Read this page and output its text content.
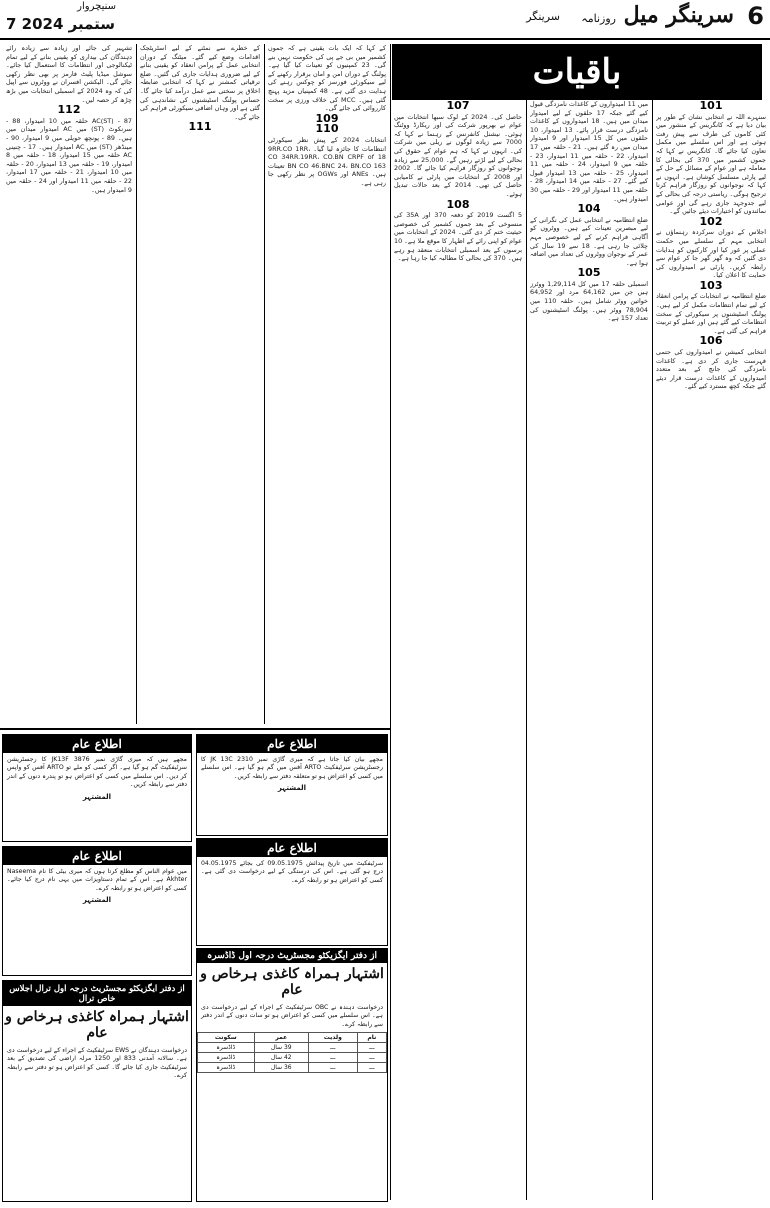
6
سرینگر میل روزنامہ
سرینگر
سنیچروار
7 ستمبر 2024
باقیات
101
سنہرے اللہ نے انتخابی نشان کے طور پر بیان دیا ہے کہ کانگریس کے منشور میں کئی کاموں کی طرف سے پیش رفت ہوئی ہے اور اس سلسلے میں مکمل تعاون کیا جائے گا۔ کانگریس نے کہا کہ جموں کشمیر میں 370 کی بحالی کا معاملہ ہے اور عوام کے مسائل کے حل کے لیے پارٹی مسلسل کوشاں ہے۔ انہوں نے کہا کہ نوجوانوں کو روزگار فراہم کرنا ترجیح ہوگی۔ ریاستی درجہ کی بحالی کے لیے جدوجہد جاری رہے گی اور عوامی نمائندوں کو اختیارات دیئے جائیں گے۔
102
اجلاس کے دوران سرکردہ رہنماؤں نے انتخابی مہم کے سلسلے میں حکمت عملی پر غور کیا اور کارکنوں کو ہدایات دی گئیں کہ وہ گھر گھر جا کر عوام سے رابطہ کریں۔ پارٹی نے امیدواروں کی حمایت کا اعلان کیا۔
103
ضلع انتظامیہ نے انتخابات کے پرامن انعقاد کے لیے تمام انتظامات مکمل کر لیے ہیں۔ پولنگ اسٹیشنوں پر سیکورٹی کے سخت انتظامات کیے گئے ہیں اور عملے کو تربیت فراہم کی گئی ہے۔
106
انتخابی کمیشن نے امیدواروں کی حتمی فہرست جاری کر دی ہے۔ کاغذات نامزدگی کی جانچ کے بعد متعدد امیدواروں کے کاغذات درست قرار دیئے گئے جبکہ کچھ مسترد کیے گئے۔
میں 11 امیدواروں کے کاغذات نامزدگی قبول کیے گئے جبکہ 17 حلقوں کے لیے امیدوار میدان میں ہیں۔ 18 امیدواروں کے کاغذات نامزدگی درست قرار پائے۔ 13 امیدوار، 10 حلقوں میں کل 15 امیدوار اور 9 امیدوار میدان میں رہ گئے ہیں۔ 21 - حلقہ میں 17 امیدوار، 22 - حلقہ میں 11 امیدوار، 23 - حلقہ میں 9 امیدوار، 24 - حلقہ میں 11 امیدوار، 25 - حلقہ میں 13 امیدوار قبول کیے گئے۔ 27 - حلقہ میں 14 امیدوار، 28 - حلقہ میں 11 امیدوار اور 29 - حلقہ میں 30 امیدوار ہیں۔
104
ضلع انتظامیہ نے انتخابی عمل کی نگرانی کے لیے مبصرین تعینات کیے ہیں۔ ووٹروں کو آگاہی فراہم کرنے کے لیے خصوصی مہم چلائی جا رہی ہے۔ 18 سے 19 سال کی عمر کے نوجوان ووٹروں کی تعداد میں اضافہ ہوا ہے۔
105
اسمبلی حلقہ 17 میں کل 1,29,114 ووٹرز ہیں جن میں 64,162 مرد اور 64,952 خواتین ووٹر شامل ہیں۔ حلقہ 110 میں 78,904 ووٹر ہیں۔ پولنگ اسٹیشنوں کی تعداد 157 ہے۔
107
حاصل کی۔ 2024 کے لوک سبھا انتخابات میں عوام نے بھرپور شرکت کی اور ریکارڈ ووٹنگ ہوئی۔ نیشنل کانفرنس کے رہنما نے کہا کہ 7000 سے زیادہ لوگوں نے ریلی میں شرکت کی۔ انہوں نے کہا کہ ہم عوام کے حقوق کی بحالی کے لیے لڑتے رہیں گے۔ 25,000 سے زیادہ نوجوانوں کو روزگار فراہم کیا جائے گا۔ 2002 اور 2008 کے انتخابات میں پارٹی نے کامیابی حاصل کی تھی۔ 2014 کے بعد حالات تبدیل ہوئے۔
108
5 اگست 2019 کو دفعہ 370 اور 35A کی منسوخی کے بعد جموں کشمیر کی خصوصی حیثیت ختم کر دی گئی۔ 2024 کے انتخابات میں عوام کو اپنی رائے کے اظہار کا موقع ملا ہے۔ 10 برسوں کے بعد اسمبلی انتخابات منعقد ہو رہے ہیں۔ 370 کی بحالی کا مطالبہ کیا جا رہا ہے۔
کے کہا کہ ایک بات یقینی ہے کہ جموں کشمیر میں بی جے پی کی حکومت نہیں بنے گی۔ 23 کمپنیوں کو تعینات کیا گیا ہے۔ پولنگ کے دوران امن و امان برقرار رکھنے کے لیے سیکورٹی فورسز کو چوکس رہنے کی ہدایت دی گئی ہے۔ 48 کمپنیاں مزید پہنچ گئی ہیں۔ MCC کی خلاف ورزی پر سخت کارروائی کی جائے گی۔
109
110
انتخابات 2024 کے پیش نظر سیکورٹی انتظامات کا جائزہ لیا گیا۔ 9RR.CO 1RR، CO 34RR.19RR، CO.BN CRPF of 18 BN CO 46.BNC 24، BN.CO 163 تعینات ہیں۔ ANEs اور OGWs پر نظر رکھی جا رہی ہے۔
کے خطرے سے نمٹنے کے لیے اسٹریٹجک اقدامات وضع کیے گئے۔ میٹنگ کے دوران انتخابی عمل کے پرامن انعقاد کو یقینی بنانے کے لیے ضروری ہدایات جاری کی گئیں۔ ضلع ترقیاتی کمشنر نے کہا کہ انتخابی ضابطہ اخلاق پر سختی سے عمل درآمد کیا جائے گا۔ حساس پولنگ اسٹیشنوں کی نشاندہی کی گئی ہے اور وہاں اضافی سیکورٹی فراہم کی جائے گی۔
111
تشہیر کی جائے اور زیادہ سے زیادہ رائے دہندگان کی بیداری کو یقینی بنانے کے لیے تمام ٹیکنالوجی اور انتظامات کا استعمال کیا جائے۔ سوشل میڈیا پلیٹ فارمز پر بھی نظر رکھی جائے گی۔ الیکشن افسران نے ووٹروں سے اپیل کی کہ وہ 2024 کے اسمبلی انتخابات میں بڑھ چڑھ کر حصہ لیں۔
112
87 - AC(ST) حلقہ میں 10 امیدوار، 88 - سرنکوٹ (ST) میں AC امیدوار میدان میں ہیں۔ 89 - پونچھ حویلی میں 9 امیدوار، 90 - مینڈھر (ST) میں AC امیدوار ہیں۔ 17 - چنینی AC حلقہ میں 15 امیدوار، 18 - حلقہ میں 8 امیدوار، 19 - حلقہ میں 13 امیدوار، 20 - حلقہ میں 10 امیدوار، 21 - حلقہ میں 17 امیدوار، 22 - حلقہ میں 11 امیدوار اور 24 - حلقہ میں 9 امیدوار ہیں۔
اطلاع عام
مجھے ہیں کہ میری گاڑی نمبر JK13F 3876 کا رجسٹریشن سرٹیفکیٹ گم ہو گیا ہے۔ اگر کسی کو ملے تو ARTO آفس کو واپس کر دیں۔ اس سلسلے میں کسی کو اعتراض ہو تو پندرہ دنوں کے اندر دفتر سے رابطہ کریں۔
المشتہر
اطلاع عام
مجھے بیان کیا جاتا ہے کہ میری گاڑی نمبر JK 13C 2310 کا رجسٹریشن سرٹیفکیٹ ARTO آفس میں گم ہو گیا ہے۔ اس سلسلے میں کسی کو اعتراض ہو تو متعلقہ دفتر سے رابطہ کریں۔
المشتہر
اطلاع عام
میں عوام الناس کو مطلع کرتا ہوں کہ میری بیٹی کا نام Naseema Akhter ہے۔ اس کے تمام دستاویزات میں یہی نام درج کیا جائے۔ کسی کو اعتراض ہو تو رابطہ کرے۔
المشتہر
اطلاع عام
سرٹیفکیٹ میں تاریخ پیدائش 09.05.1975 کی بجائے 04.05.1975 درج ہو گئی ہے۔ اس کی درستگی کے لیے درخواست دی گئی ہے۔ کسی کو اعتراض ہو تو رابطہ کرے۔
از دفتر ایگزیکٹو مجسٹریٹ درجہ اول ڈاڈسرہ
اشتہار ہمراہ کاغذی ہرخاص و عام
درخواست دہندہ نے OBC سرٹیفکیٹ کے اجراء کے لیے درخواست دی ہے۔ اس سلسلے میں کسی کو اعتراض ہو تو سات دنوں کے اندر دفتر سے رابطہ کرے۔
نام	ولدیت	عمر	سکونت
ـــ	ـــ	39 سال	ڈاڈسرہ
ـــ	ـــ	42 سال	ڈاڈسرہ
ـــ	ـــ	36 سال	ڈاڈسرہ
از دفتر ایگزیکٹو مجسٹریٹ درجہ اول ترال اجلاس خاص ترال
اشتہار ہمراہ کاغذی ہرخاص و عام
درخواست دہندگان نے EWS سرٹیفکیٹ کے اجراء کے لیے درخواست دی ہے۔ سالانہ آمدنی 833 اور 1250 مرلہ اراضی کی تصدیق کے بعد سرٹیفکیٹ جاری کیا جائے گا۔ کسی کو اعتراض ہو تو دفتر سے رابطہ کرے۔
